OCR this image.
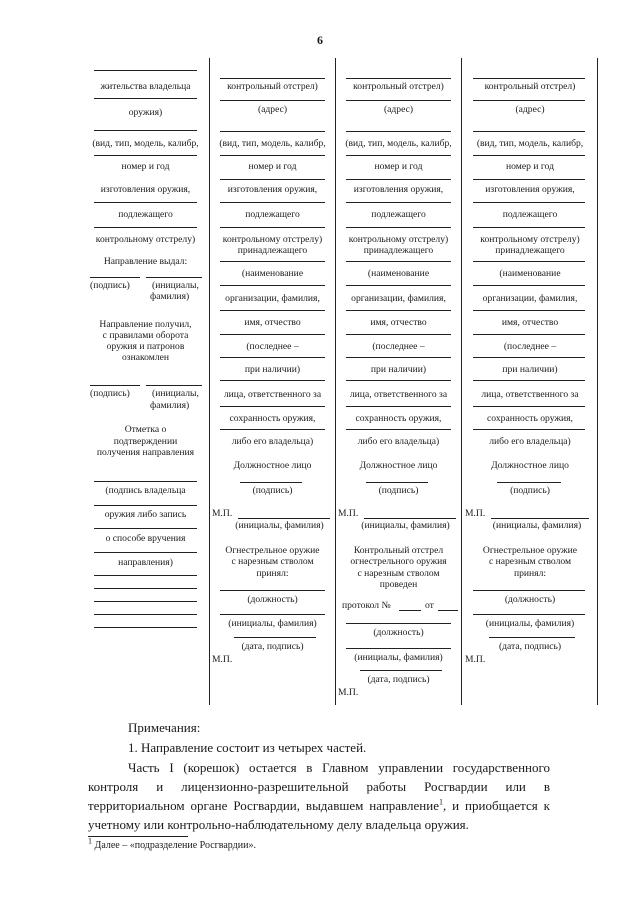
6
жительства владельца
оружия)
(вид, тип, модель, калибр,
номер и год
изготовления оружия,
подлежащего
контрольному отстрелу)
Направление выдал:
(подпись) (инициалы,
фамилия)
Направление получил,
с правилами оборота
оружия и патронов
ознакомлен
(подпись) (инициалы,
фамилия)
Отметка о
подтверждении
получения направления
(подпись владельца
оружия либо запись
о способе вручения
направления)
контрольный отстрел)
(адрес)
(вид, тип, модель, калибр,
номер и год
изготовления оружия,
подлежащего
контрольному отстрелу)
принадлежащего
(наименование
организации, фамилия,
имя, отчество
(последнее –
при наличии)
лица, ответственного за
сохранность оружия,
либо его владельца)
Должностное лицо
(подпись)
М.П.
(инициалы, фамилия)
Огнестрельное оружие
с нарезным стволом
принял:
(должность)
(инициалы, фамилия)
(дата, подпись)
М.П.
контрольный отстрел)
(адрес)
(вид, тип, модель, калибр,
номер и год
изготовления оружия,
подлежащего
контрольному отстрелу)
принадлежащего
(наименование
организации, фамилия,
имя, отчество
(последнее –
при наличии)
лица, ответственного за
сохранность оружия,
либо его владельца)
Должностное лицо
(подпись)
М.П.
(инициалы, фамилия)
Контрольный отстрел
огнестрельного оружия
с нарезным стволом
проведен
протокол №	от
(должность)
(инициалы, фамилия)
(дата, подпись)
М.П.
контрольный отстрел)
(адрес)
(вид, тип, модель, калибр,
номер и год
изготовления оружия,
подлежащего
контрольному отстрелу)
принадлежащего
(наименование
организации, фамилия,
имя, отчество
(последнее –
при наличии)
лица, ответственного за
сохранность оружия,
либо его владельца)
Должностное лицо
(подпись)
М.П.
(инициалы, фамилия)
Огнестрельное оружие
с нарезным стволом
принял:
(должность)
(инициалы, фамилия)
(дата, подпись)
М.П.
Примечания:
1. Направление состоит из четырех частей.

Часть I (корешок) остается в Главном управлении государственного контроля и лицензионно-разрешительной работы Росгвардии или в территориальном органе Росгвардии, выдавшем направление$^1$, и приобщается к учетному или контрольно-наблюдательному делу владельца оружия.

$^1$ Далее – «подразделение Росгвардии».
